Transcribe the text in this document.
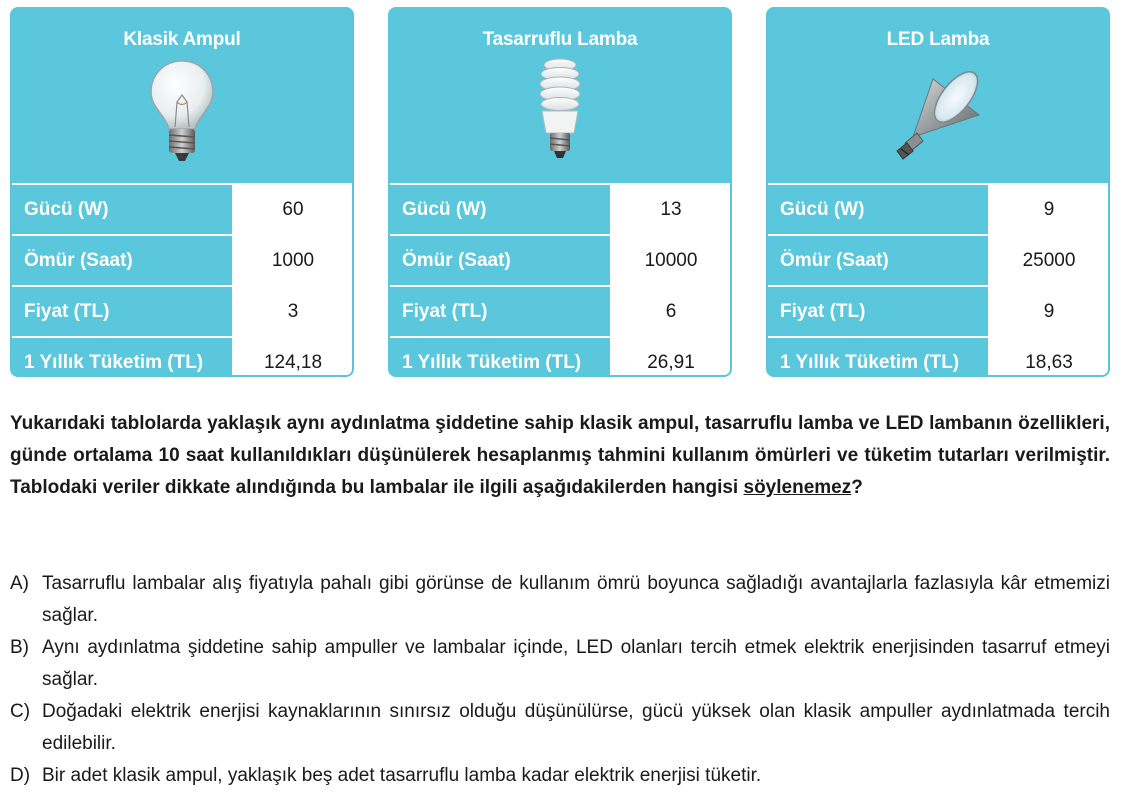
Klasik Ampul
Gücü (W)	60
Ömür (Saat)	1000
Fiyat (TL)	3
1 Yıllık Tüketim (TL)	124,18
Tasarruflu Lamba
Gücü (W)	13
Ömür (Saat)	10000
Fiyat (TL)	6
1 Yıllık Tüketim (TL)	26,91
LED Lamba
Gücü (W)	9
Ömür (Saat)	25000
Fiyat (TL)	9
1 Yıllık Tüketim (TL)	18,63
Yukarıdaki tablolarda yaklaşık aynı aydınlatma şiddetine sahip klasik ampul, tasarruflu lamba ve LED lambanın özellikleri, günde ortalama 10 saat kullanıldıkları düşünülerek hesaplanmış tahmini kullanım ömürleri ve tüketim tutarları verilmiştir. Tablodaki veriler dikkate alındığında bu lambalar ile ilgili aşağıdakilerden hangisi söylenemez?
A) Tasarruflu lambalar alış fiyatıyla pahalı gibi görünse de kullanım ömrü boyunca sağladığı avantajlarla fazlasıyla kâr etmemizi sağlar.
B) Aynı aydınlatma şiddetine sahip ampuller ve lambalar içinde, LED olanları tercih etmek elektrik enerjisinden tasarruf etmeyi sağlar.
C) Doğadaki elektrik enerjisi kaynaklarının sınırsız olduğu düşünülürse, gücü yüksek olan klasik ampuller aydınlatmada tercih edilebilir.
D) Bir adet klasik ampul, yaklaşık beş adet tasarruflu lamba kadar elektrik enerjisi tüketir.
